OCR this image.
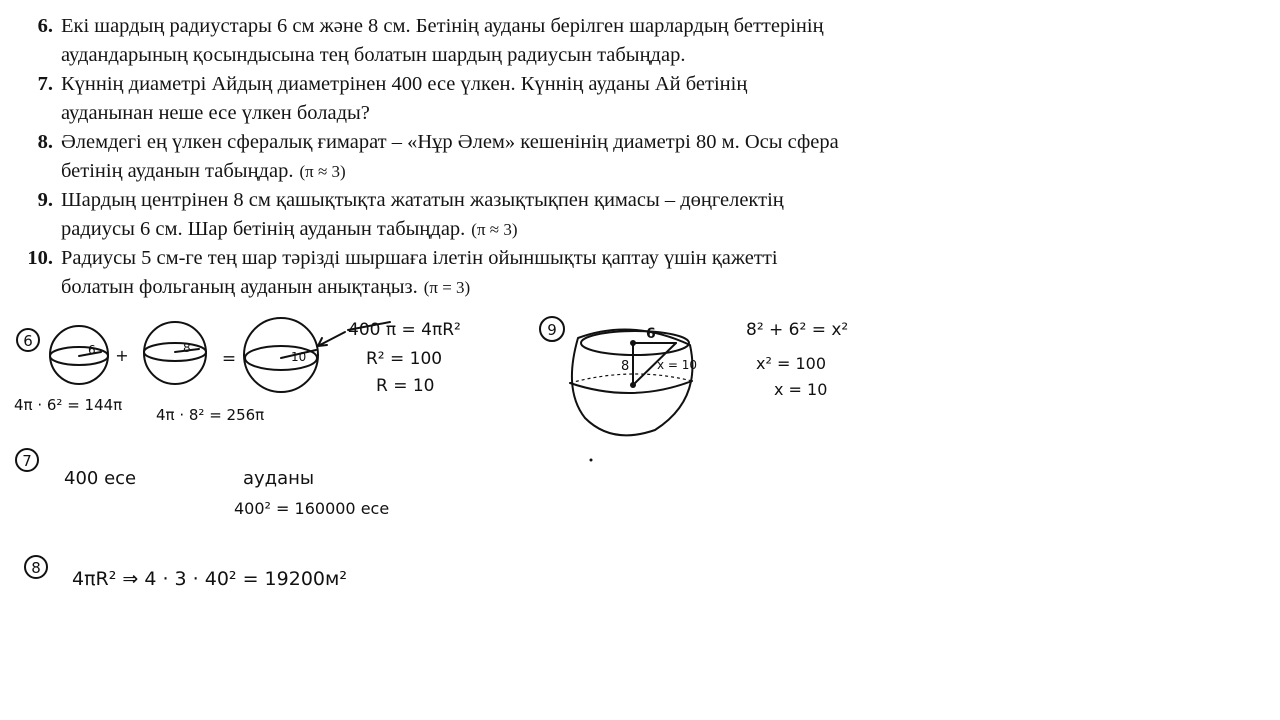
6. Екі шардың радиустары 6 см және 8 см. Бетінің ауданы берілген шарлардың беттерінің
аудандарының қосындысына тең болатын шардың радиусын табыңдар.
7. Күннің диаметрі Айдың диаметрінен 400 есе үлкен. Күннің ауданы Ай бетінің
ауданынан неше есе үлкен болады?
8. Әлемдегі ең үлкен сфералық ғимарат – «Нұр Әлем» кешенінің диаметрі 80 м. Осы сфера
бетінің ауданын табыңдар. (π ≈ 3)
9. Шардың центрінен 8 см қашықтықта жататын жазықтықпен қимасы – дөңгелектің
радиусы 6 см. Шар бетінің ауданын табыңдар. (π ≈ 3)
10. Радиусы 5 см-ге тең шар тәрізді шыршаға ілетін ойыншықты қаптау үшін қажетті
болатын фольганың ауданын анықтаңыз. (π = 3)
6	6 +	8
=	10
4π · 6² = 144π
4π · 8² = 256π
400 π = 4πR²
R² = 100
R = 10
9	6
8 x = 10
8² + 6² = x²
x² = 100
x = 10
7
400 есе	ауданы
400² = 160000 есе
8 4πR² ⇒ 4 · 3 · 40² = 19200м²
